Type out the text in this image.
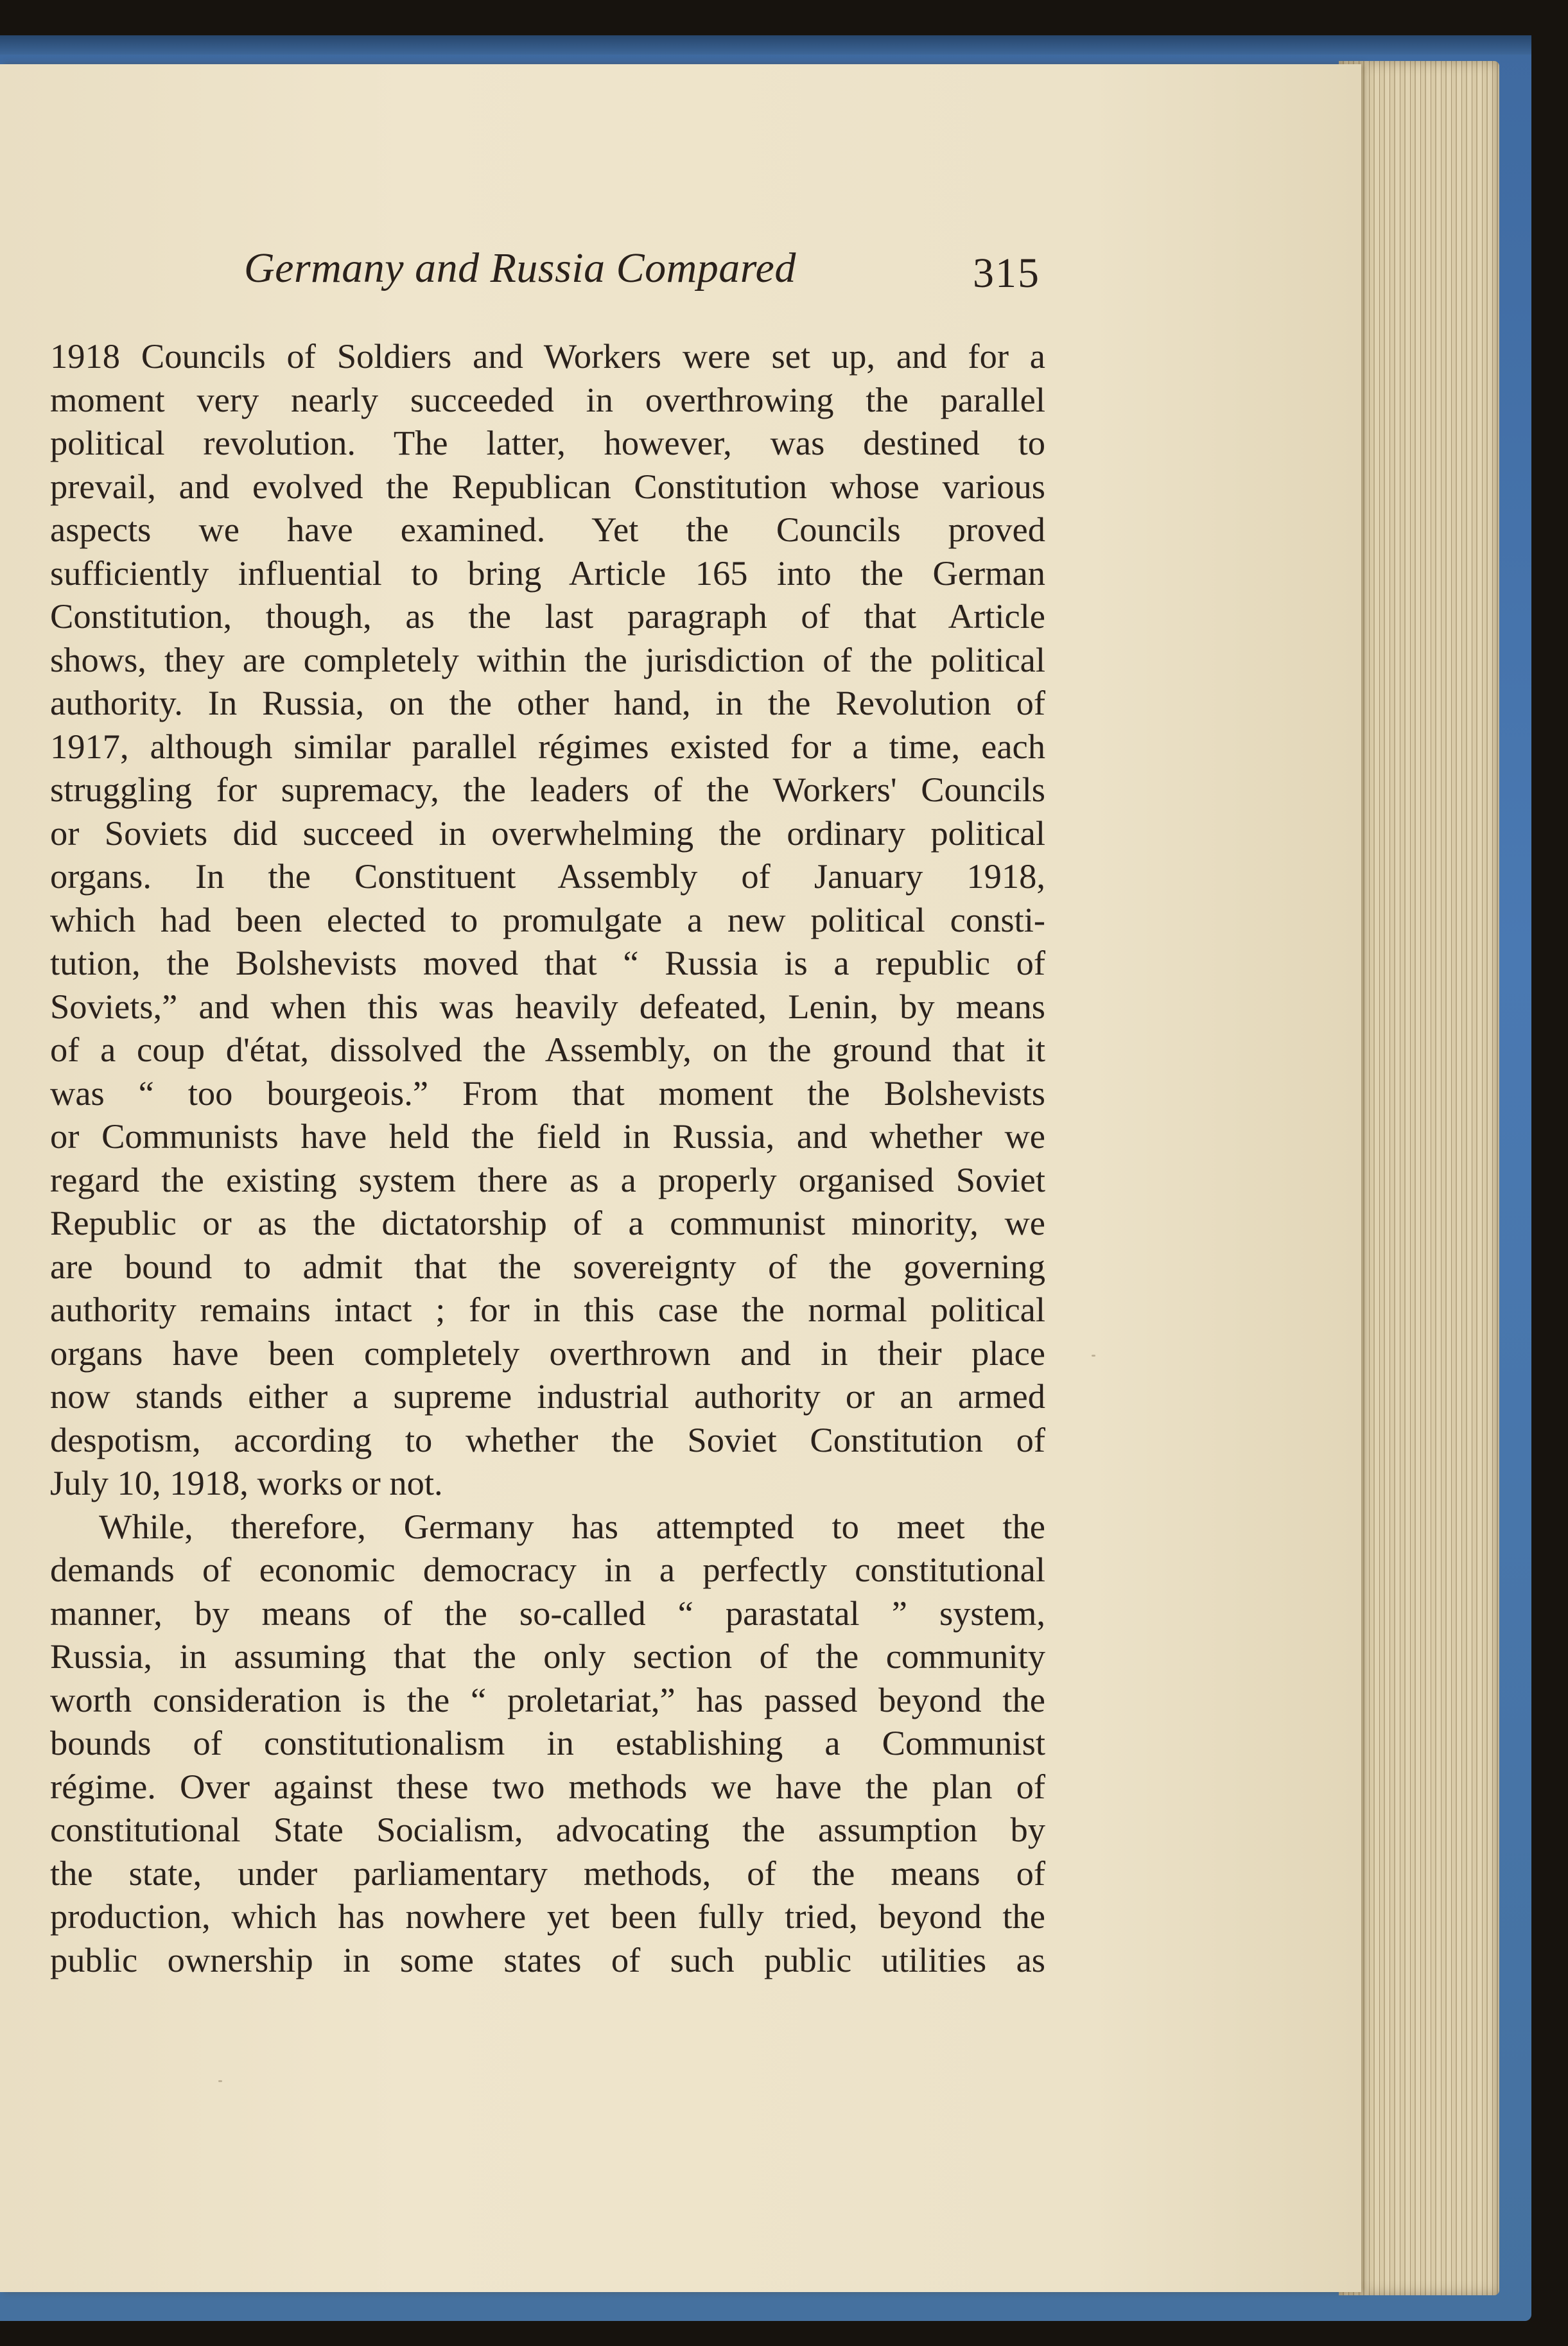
Germany and Russia Compared	315
1918 Councils of Soldiers and Workers were set up, and for a
moment very nearly succeeded in overthrowing the parallel
political revolution. The latter, however, was destined to
prevail, and evolved the Republican Constitution whose various
aspects we have examined. Yet the Councils proved
sufficiently influential to bring Article 165 into the German
Constitution, though, as the last paragraph of that Article
shows, they are completely within the jurisdiction of the political
authority. In Russia, on the other hand, in the Revolution of
1917, although similar parallel régimes existed for a time, each
struggling for supremacy, the leaders of the Workers' Councils
or Soviets did succeed in overwhelming the ordinary political
organs. In the Constituent Assembly of January 1918,
which had been elected to promulgate a new political consti-
tution, the Bolshevists moved that “ Russia is a republic of
Soviets,” and when this was heavily defeated, Lenin, by means
of a coup d'état, dissolved the Assembly, on the ground that it
was “ too bourgeois.” From that moment the Bolshevists
or Communists have held the field in Russia, and whether we
regard the existing system there as a properly organised Soviet
Republic or as the dictatorship of a communist minority, we
are bound to admit that the sovereignty of the governing
authority remains intact ; for in this case the normal political
organs have been completely overthrown and in their place
now stands either a supreme industrial authority or an armed
despotism, according to whether the Soviet Constitution of
July 10, 1918, works or not.
While, therefore, Germany has attempted to meet the
demands of economic democracy in a perfectly constitutional
manner, by means of the so-called “ parastatal ” system,
Russia, in assuming that the only section of the community
worth consideration is the “ proletariat,” has passed beyond the
bounds of constitutionalism in establishing a Communist
régime. Over against these two methods we have the plan of
constitutional State Socialism, advocating the assumption by
the state, under parliamentary methods, of the means of
production, which has nowhere yet been fully tried, beyond the
public ownership in some states of such public utilities as
